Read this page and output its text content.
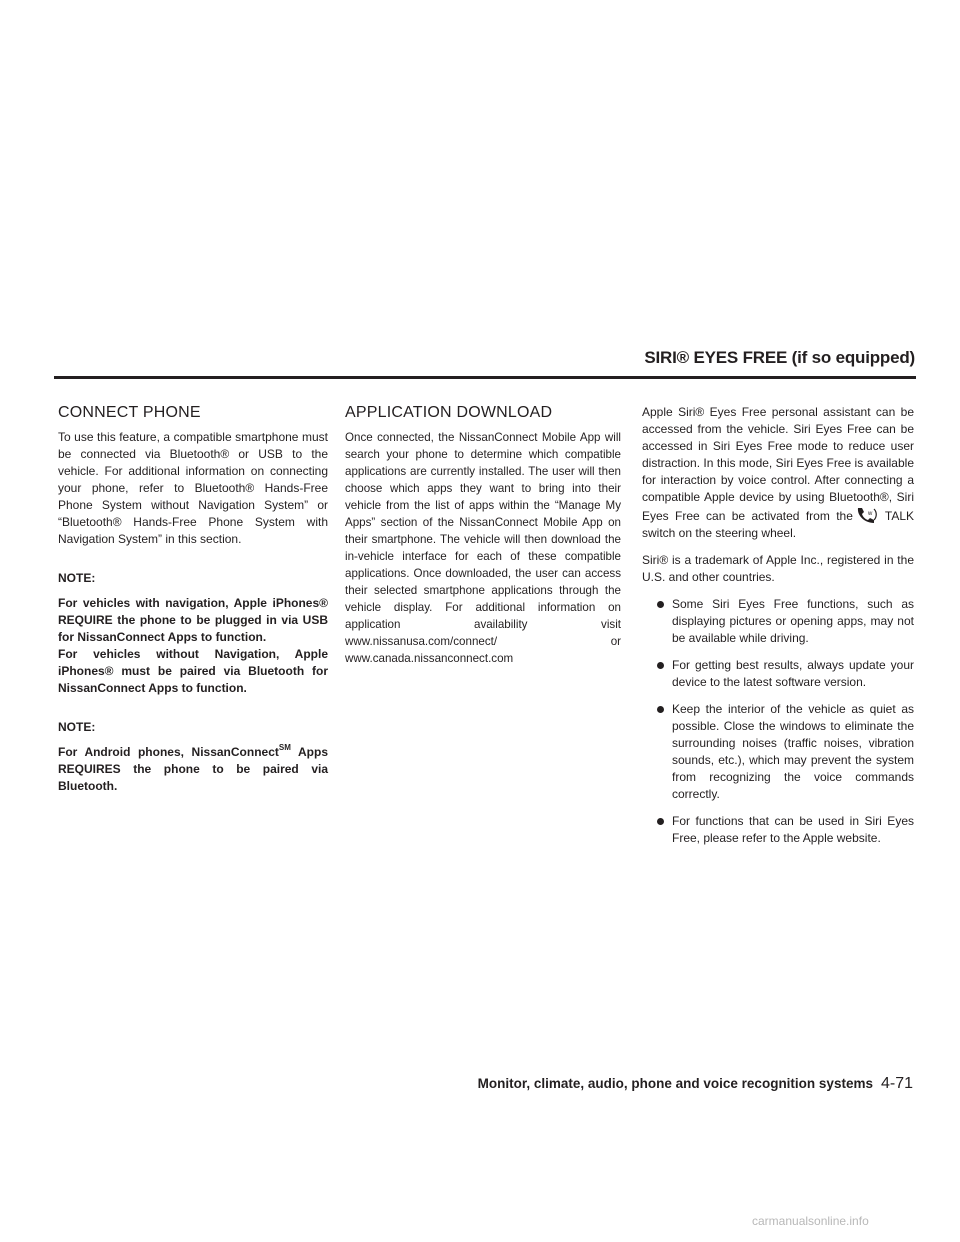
SIRI® EYES FREE (if so equipped)
CONNECT PHONE

To use this feature, a compatible smartphone must be connected via Bluetooth® or USB to the vehicle. For additional information on connecting your phone, refer to Bluetooth® Hands-Free Phone System without Navigation System” or “Bluetooth® Hands-Free Phone System with Navigation System” in this section.

NOTE:

For vehicles with navigation, Apple iPhones® REQUIRE the phone to be plugged in via USB for NissanConnect Apps to function.

For vehicles without Navigation, Apple iPhones® must be paired via Bluetooth for NissanConnect Apps to function.

NOTE:

For Android phones, NissanConnect℠ Apps REQUIRES the phone to be paired via Bluetooth.

APPLICATION DOWNLOAD

Once connected, the NissanConnect Mobile App will search your phone to determine which compatible applications are currently installed. The user will then choose which apps they want to bring into their vehicle from the list of apps within the “Manage My Apps” section of the NissanConnect Mobile App on their smartphone. The vehicle will then download the in-vehicle interface for each of these compatible applications. Once downloaded, the user can access their selected smartphone applications through the vehicle display. For additional information on application availability visit www.nissanusa.com/connect/ or www.canada.nissanconnect.com

Apple Siri® Eyes Free personal assistant can be accessed from the vehicle. Siri Eyes Free can be accessed in Siri Eyes Free mode to reduce user distraction. In this mode, Siri Eyes Free is available for interaction by voice control. After connecting a compatible Apple device by using Bluetooth®, Siri Eyes Free can be activated from the	w TALK switch on the steering wheel.

Siri® is a trademark of Apple Inc., registered in the U.S. and other countries.

Some Siri Eyes Free functions, such as displaying pictures or opening apps, may not be available while driving.
For getting best results, always update your device to the latest software version.
Keep the interior of the vehicle as quiet as possible. Close the windows to eliminate the surrounding noises (traffic noises, vibration sounds, etc.), which may prevent the system from recognizing the voice commands correctly.
For functions that can be used in Siri Eyes Free, please refer to the Apple website.
Monitor, climate, audio, phone and voice recognition systems 4-71
carmanualsonline.info
